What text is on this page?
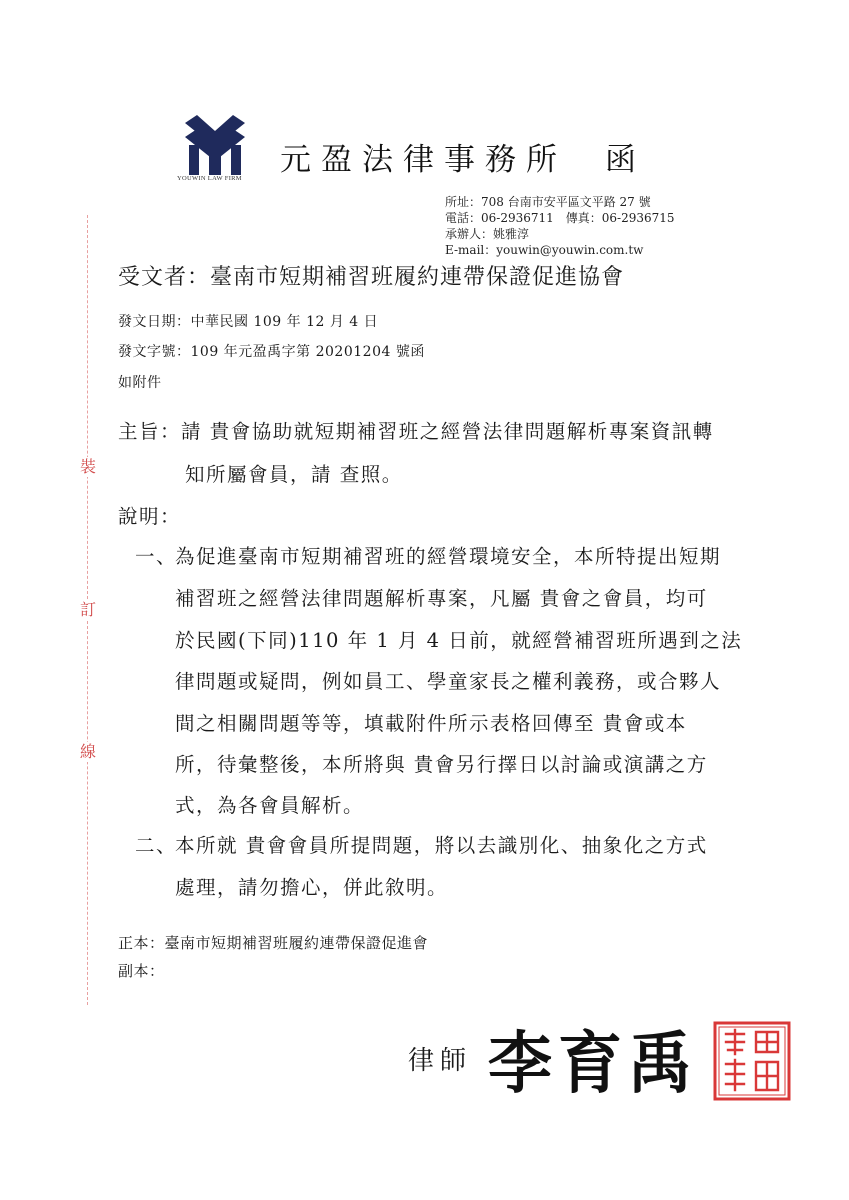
裝
訂
線
YOUWIN LAW FIRM
元盈法律事務所 函
所址：708 台南市安平區文平路 27 號
電話：06-2936711　傳真：06-2936715
承辦人：姚雅淳
E-mail：youwin@youwin.com.tw
受文者：臺南市短期補習班履約連帶保證促進協會
發文日期：中華民國 109 年 12 月 4 日
發文字號：109 年元盈禹字第 20201204 號函
如附件
主旨：請 貴會協助就短期補習班之經營法律問題解析專案資訊轉
知所屬會員，請 查照。
說明：
一、
為促進臺南市短期補習班的經營環境安全，本所特提出短期
補習班之經營法律問題解析專案，凡屬 貴會之會員，均可
於民國(下同)110 年 1 月 4 日前，就經營補習班所遇到之法
律問題或疑問，例如員工、學童家長之權利義務，或合夥人
間之相關問題等等，填載附件所示表格回傳至 貴會或本
所，待彙整後，本所將與 貴會另行擇日以討論或演講之方
式，為各會員解析。
二、
本所就 貴會會員所提問題，將以去識別化、抽象化之方式
處理，請勿擔心，併此敘明。
正本：臺南市短期補習班履約連帶保證促進會
副本：
律師 李育禹
